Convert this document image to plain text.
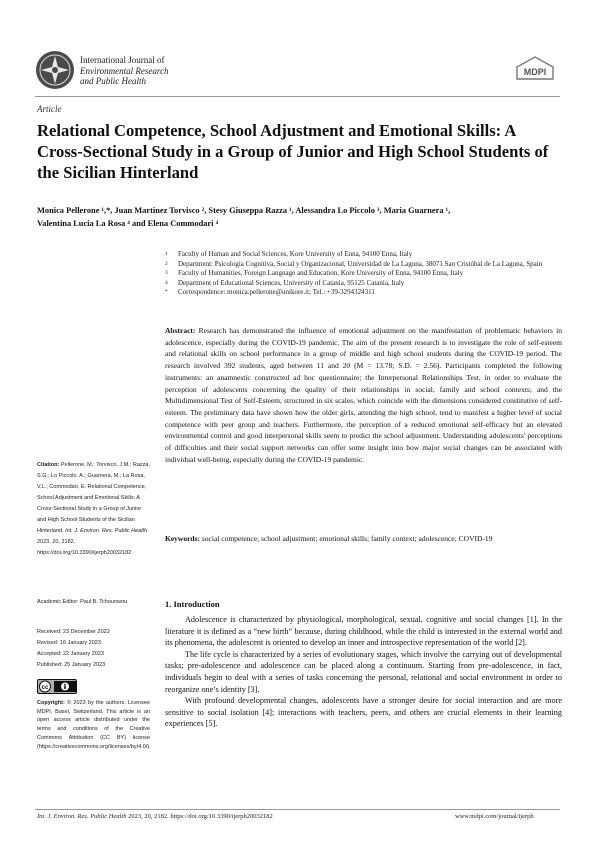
International Journal of
Environmental Research
and Public Health
MDPI
Article
Relational Competence, School Adjustment and Emotional Skills: A Cross-Sectional Study in a Group of Junior and High School Students of the Sicilian Hinterland
Monica Pellerone ¹,*, Juan Martinez Torvisco ², Stesy Giuseppa Razza ¹, Alessandra Lo Piccolo ³, Maria Guarnera ¹,
Valentina Lucia La Rosa ⁴ and Elena Commodari ⁴
1 Faculty of Human and Social Sciences, Kore University of Enna, 94100 Enna, Italy
2 Department: Psicologia Cognitiva, Social y Organizacional, Universidad de La Laguna, 38071 San Cristóbal de La Laguna, Spain
3 Faculty of Humanities, Foreign Language and Education, Kore University of Enna, 94100 Enna, Italy
4 Department of Educational Sciences, University of Catania, 95125 Catania, Italy
* Correspondence: monica.pellerone@unikore.it; Tel.: +39-3294324311
Abstract: Research has demonstrated the influence of emotional adjustment on the manifestation of problematic behaviors in adolescence, especially during the COVID-19 pandemic. The aim of the present research is to investigate the role of self-esteem and relational skills on school performance in a group of middle and high school students during the COVID-19 period. The research involved 392 students, aged between 11 and 20 (M = 13.78; S.D. = 2.56). Participants completed the following instruments: an anamnestic constructed ad hoc questionnaire; the Interpersonal Relationships Test, in order to evaluate the perception of adolescents concerning the quality of their relationships in social, family and school contexts; and the Multidimensional Test of Self-Esteem, structured in six scales, which coincide with the dimensions considered constitutive of self-esteem. The preliminary data have shown how the older girls, attending the high school, tend to manifest a higher level of social competence with peer group and teachers. Furthermore, the perception of a reduced emotional self-efficacy but an elevated environmental control and good interpersonal skills seem to predict the school adjustment. Understanding adolescents' perceptions of difficulties and their social support networks can offer some insight into how major social changes can be associated with individual well-being, especially during the COVID-19 pandemic.
Keywords: social competence; school adjustment; emotional skills; family context; adolescence; COVID-19
Citation: Pellerone, M.; Torvisco, J.M.; Razza, S.G.; Lo Piccolo, A.; Guarnera, M.; La Rosa, V.L.; Commodari, E. Relational Competence, School Adjustment and Emotional Skills: A Cross-Sectional Study in a Group of Junior and High School Students of the Sicilian Hinterland. Int. J. Environ. Res. Public Health 2023, 20, 2182. https://doi.org/10.3390/ijerph20032182
Academic Editor: Paul B. Tchounwou
Received: 23 December 2022
Revised: 16 January 2023
Accepted: 22 January 2023
Published: 25 January 2023
cc
Copyright: © 2023 by the authors. Licensee MDPI, Basel, Switzerland. This article is an open access article distributed under the terms and conditions of the Creative Commons Attribution (CC BY) license (https://creativecommons.org/licenses/by/4.0/).
1. Introduction

Adolescence is characterized by physiological, morphological, sexual, cognitive and social changes [1]. In the literature it is defined as a “new birth” because, during childhood, while the child is interested in the external world and its phenomena, the adolescent is oriented to develop an inner and introspective representation of the world [2].

The life cycle is characterized by a series of evolutionary stages, which involve the carrying out of developmental tasks; pre-adolescence and adolescence can be placed along a continuum. Starting from pre-adolescence, in fact, individuals begin to deal with a series of tasks concerning the personal, relational and social environment in order to reorganize one’s identity [3].

With profound developmental changes, adolescents have a stronger desire for social interaction and are more sensitive to social isolation [4]; interactions with teachers, peers, and others are crucial elements in their learning experiences [5].

Int. J. Environ. Res. Public Health 2023, 20, 2182. https://doi.org/10.3390/ijerph20032182	www.mdpi.com/journal/ijerph
